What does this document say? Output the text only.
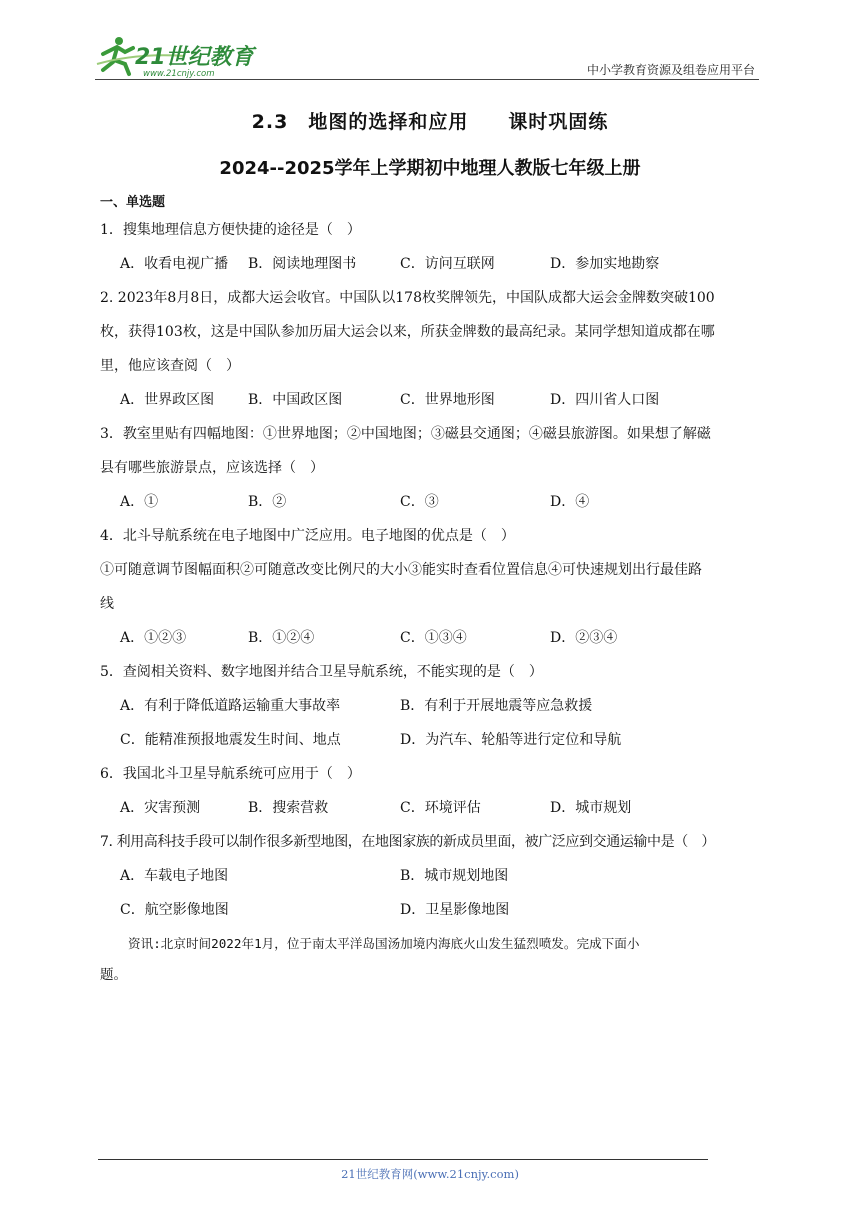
21世纪教育
www.21cnjy.com	中小学教育资源及组卷应用平台
2.3　地图的选择和应用 课时巩固练
2024--2025学年上学期初中地理人教版七年级上册
一、单选题
1．搜集地理信息方便快捷的途径是（　）
A．收看电视广播 B．阅读地理图书	C．访问互联网	D．参加实地勘察
2. 2023年8月8日，成都大运会收官。中国队以178枚奖牌领先，中国队成都大运会金牌数突破100
枚，获得103枚，这是中国队参加历届大运会以来，所获金牌数的最高纪录。某同学想知道成都在哪
里，他应该查阅（　）
A．世界政区图 B．中国政区图	C．世界地形图	D．四川省人口图
3．教室里贴有四幅地图：①世界地图；②中国地图；③磁县交通图；④磁县旅游图。如果想了解磁
县有哪些旅游景点，应该选择（　）
A．①	B．②	C．③	D．④
4．北斗导航系统在电子地图中广泛应用。电子地图的优点是（　）
①可随意调节图幅面积②可随意改变比例尺的大小③能实时查看位置信息④可快速规划出行最佳路
线
A．①②③	B．①②④	C．①③④	D．②③④
5．查阅相关资料、数字地图并结合卫星导航系统，不能实现的是（　）
A．有利于降低道路运输重大事故率	B．有利于开展地震等应急救援
C．能精准预报地震发生时间、地点	D．为汽车、轮船等进行定位和导航
6．我国北斗卫星导航系统可应用于（　）
A．灾害预测	B．搜索营救	C．环境评估	D．城市规划
7. 利用高科技手段可以制作很多新型地图，在地图家族的新成员里面，被广泛应到交通运输中是（　）
A．车载电子地图	B．城市规划地图
C．航空影像地图	D．卫星影像地图
资讯:北京时间2022年1月，位于南太平洋岛国汤加境内海底火山发生猛烈喷发。完成下面小
题。
21世纪教育网(www.21cnjy.com)
